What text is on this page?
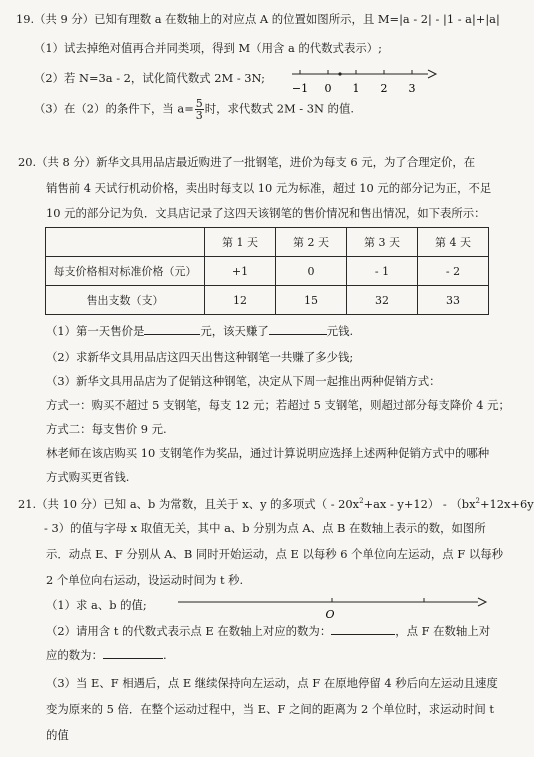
19.（共 9 分）已知有理数 a 在数轴上的对应点 A 的位置如图所示，且 M=|a - 2| - |1 - a|+|a|
（1）试去掉绝对值再合并同类项，得到 M（用含 a 的代数式表示）;
（2）若 N=3a - 2，试化简代数式 2M - 3N;
（3）在（2）的条件下，当 $a= \frac{5}{3}$ 时，求代数式 2M - 3N 的值.
−1 0 1 2 3
20.（共 8 分）新华文具用品店最近购进了一批钢笔，进价为每支 6 元，为了合理定价，在
销售前 4 天试行机动价格，卖出时每支以 10 元为标准，超过 10 元的部分记为正，不足
10 元的部分记为负．文具店记录了这四天该钢笔的售价情况和售出情况，如下表所示：
	第 1 天	第 2 天	第 3 天	第 4 天
每支价格相对标准价格（元）	+1	0	- 1	- 2
售出支数（支）	12	15	32	33
（1）第一天售价是	元，该天赚了	元钱.
（2）求新华文具用品店这四天出售这种钢笔一共赚了多少钱;
（3）新华文具用品店为了促销这种钢笔，决定从下周一起推出两种促销方式：
方式一：购买不超过 5 支钢笔，每支 12 元；若超过 5 支钢笔，则超过部分每支降价 4 元；
方式二：每支售价 9 元.
林老师在该店购买 10 支钢笔作为奖品，通过计算说明应选择上述两种促销方式中的哪种
方式购买更省钱.
21.（共 10 分）已知 a、b 为常数，且关于 x、y 的多项式（ - $20x^2+ax - y+12) - (bx^2+12x+6y$
- 3）的值与字母 x 取值无关，其中 a、b 分别为点 A、点 B 在数轴上表示的数，如图所
示．动点 E、F 分别从 A、B 同时开始运动，点 E 以每秒 6 个单位向左运动，点 F 以每秒
2 个单位向右运动，设运动时间为 t 秒.
（1）求 a、b 的值;
O
（2）请用含 t 的代数式表示点 E 在数轴上对应的数为：	，点 F 在数轴上对
应的数为：	.
（3）当 E、F 相遇后，点 E 继续保持向左运动，点 F 在原地停留 4 秒后向左运动且速度
变为原来的 5 倍．在整个运动过程中，当 E、F 之间的距离为 2 个单位时，求运动时间 t
的值
